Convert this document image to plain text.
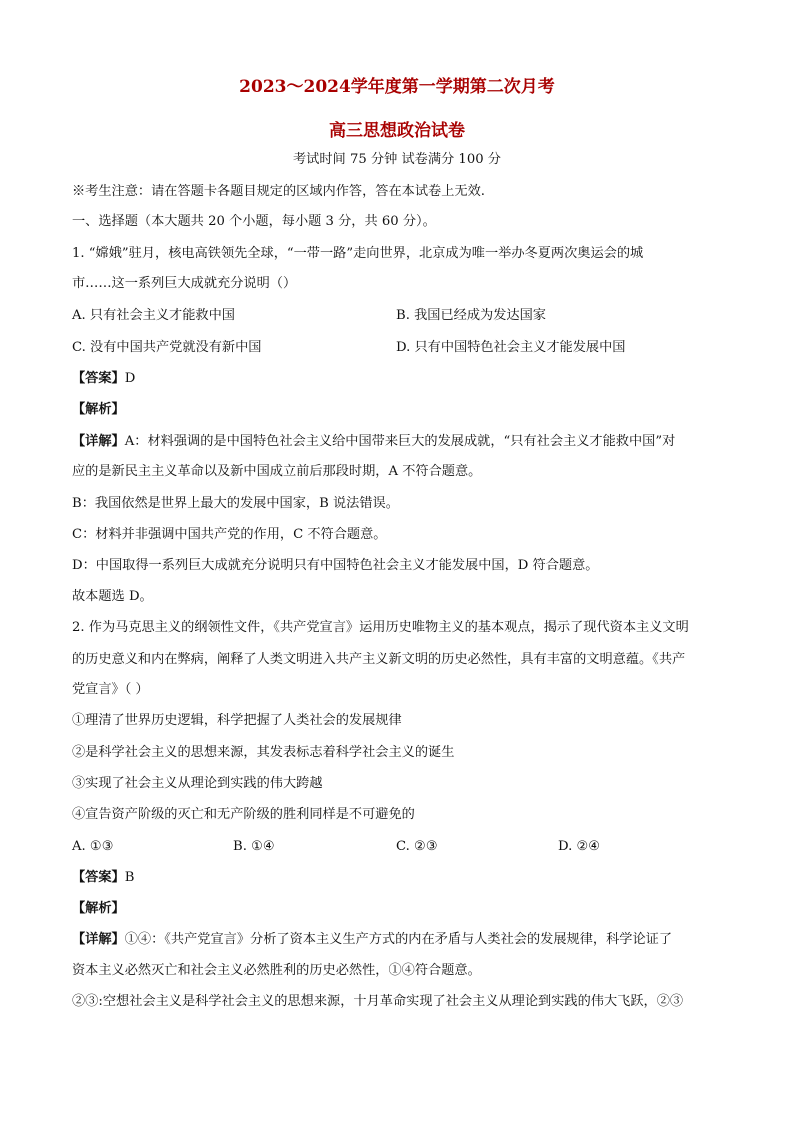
2023～2024学年度第一学期第二次月考
高三思想政治试卷
考试时间 75 分钟 试卷满分 100 分
※考生注意：请在答题卡各题目规定的区域内作答，答在本试卷上无效.
一、选择题（本大题共 20 个小题，每小题 3 分，共 60 分）。
1. “嫦娥”驻月，核电高铁领先全球，“一带一路”走向世界，北京成为唯一举办冬夏两次奥运会的城
市……这一系列巨大成就充分说明（）
A. 只有社会主义才能救中国	B. 我国已经成为发达国家
C. 没有中国共产党就没有新中国	D. 只有中国特色社会主义才能发展中国
【答案】D
【解析】
【详解】A：材料强调的是中国特色社会主义给中国带来巨大的发展成就，“只有社会主义才能救中国”对
应的是新民主主义革命以及新中国成立前后那段时期，A 不符合题意。
B：我国依然是世界上最大的发展中国家，B 说法错误。
C：材料并非强调中国共产党的作用，C 不符合题意。
D：中国取得一系列巨大成就充分说明只有中国特色社会主义才能发展中国，D 符合题意。
故本题选 D。
2. 作为马克思主义的纲领性文件，《共产党宣言》运用历史唯物主义的基本观点，揭示了现代资本主义文明
的历史意义和内在弊病，阐释了人类文明进入共产主义新文明的历史必然性，具有丰富的文明意蕴。《共产
党宣言》（ ）
①理清了世界历史逻辑，科学把握了人类社会的发展规律
②是科学社会主义的思想来源，其发表标志着科学社会主义的诞生
③实现了社会主义从理论到实践的伟大跨越
④宣告资产阶级的灭亡和无产阶级的胜利同样是不可避免的
A. ①③	B. ①④	C. ②③	D. ②④
【答案】B
【解析】
【详解】①④：《共产党宣言》分析了资本主义生产方式的内在矛盾与人类社会的发展规律，科学论证了
资本主义必然灭亡和社会主义必然胜利的历史必然性，①④符合题意。
②③:空想社会主义是科学社会主义的思想来源，十月革命实现了社会主义从理论到实践的伟大飞跃，②③
